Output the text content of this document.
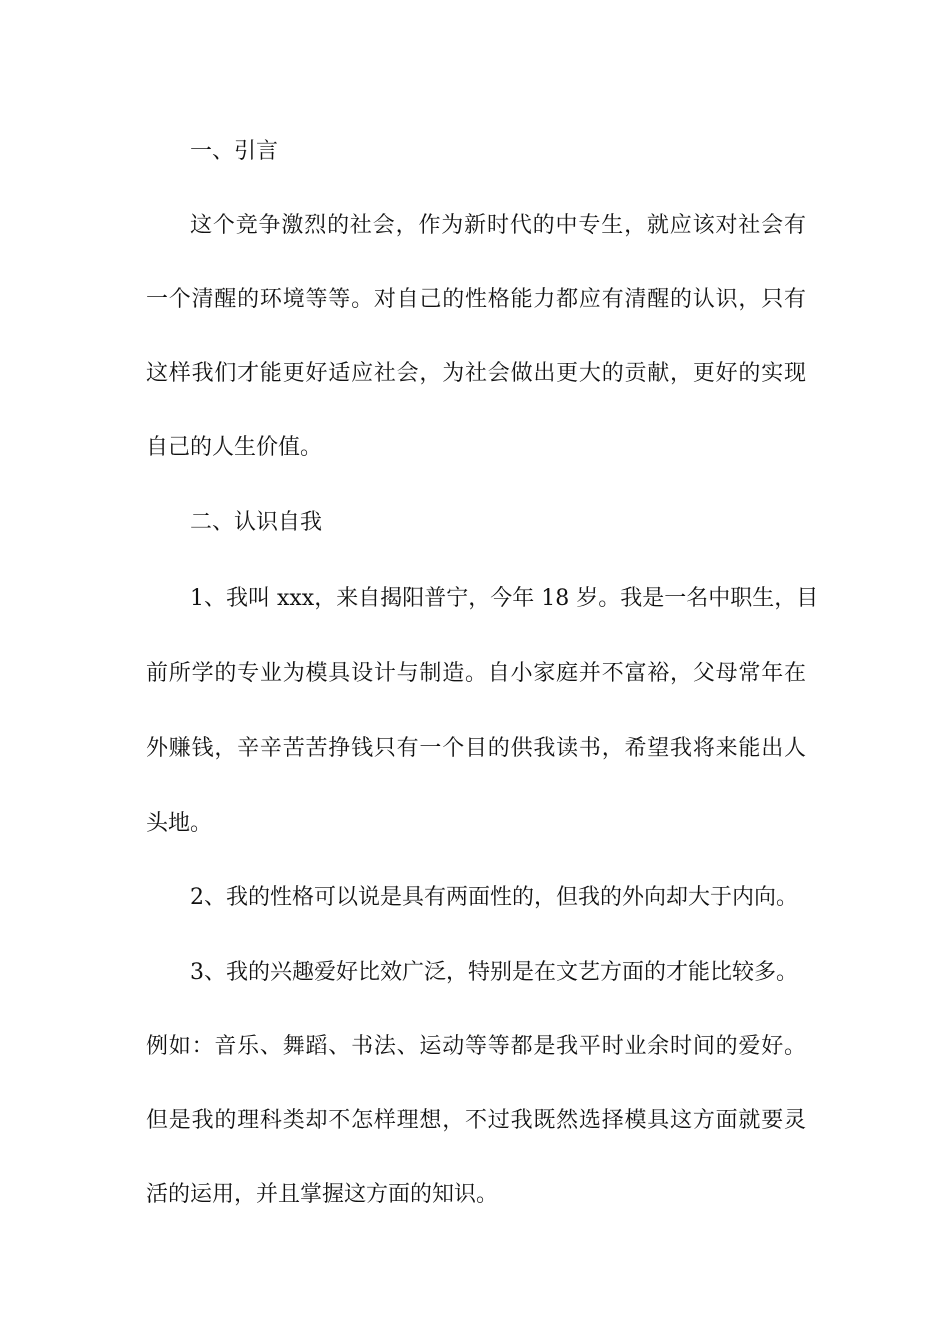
一、引言
这个竞争激烈的社会，作为新时代的中专生，就应该对社会有
一个清醒的环境等等。对自己的性格能力都应有清醒的认识，只有
这样我们才能更好适应社会，为社会做出更大的贡献，更好的实现
自己的人生价值。
二、认识自我
1、我叫 xxx，来自揭阳普宁，今年 18 岁。我是一名中职生，目
前所学的专业为模具设计与制造。自小家庭并不富裕，父母常年在
外赚钱，辛辛苦苦挣钱只有一个目的供我读书，希望我将来能出人
头地。
2、我的性格可以说是具有两面性的，但我的外向却大于内向。
3、我的兴趣爱好比效广泛，特别是在文艺方面的才能比较多。
例如：音乐、舞蹈、书法、运动等等都是我平时业余时间的爱好。
但是我的理科类却不怎样理想，不过我既然选择模具这方面就要灵
活的运用，并且掌握这方面的知识。
